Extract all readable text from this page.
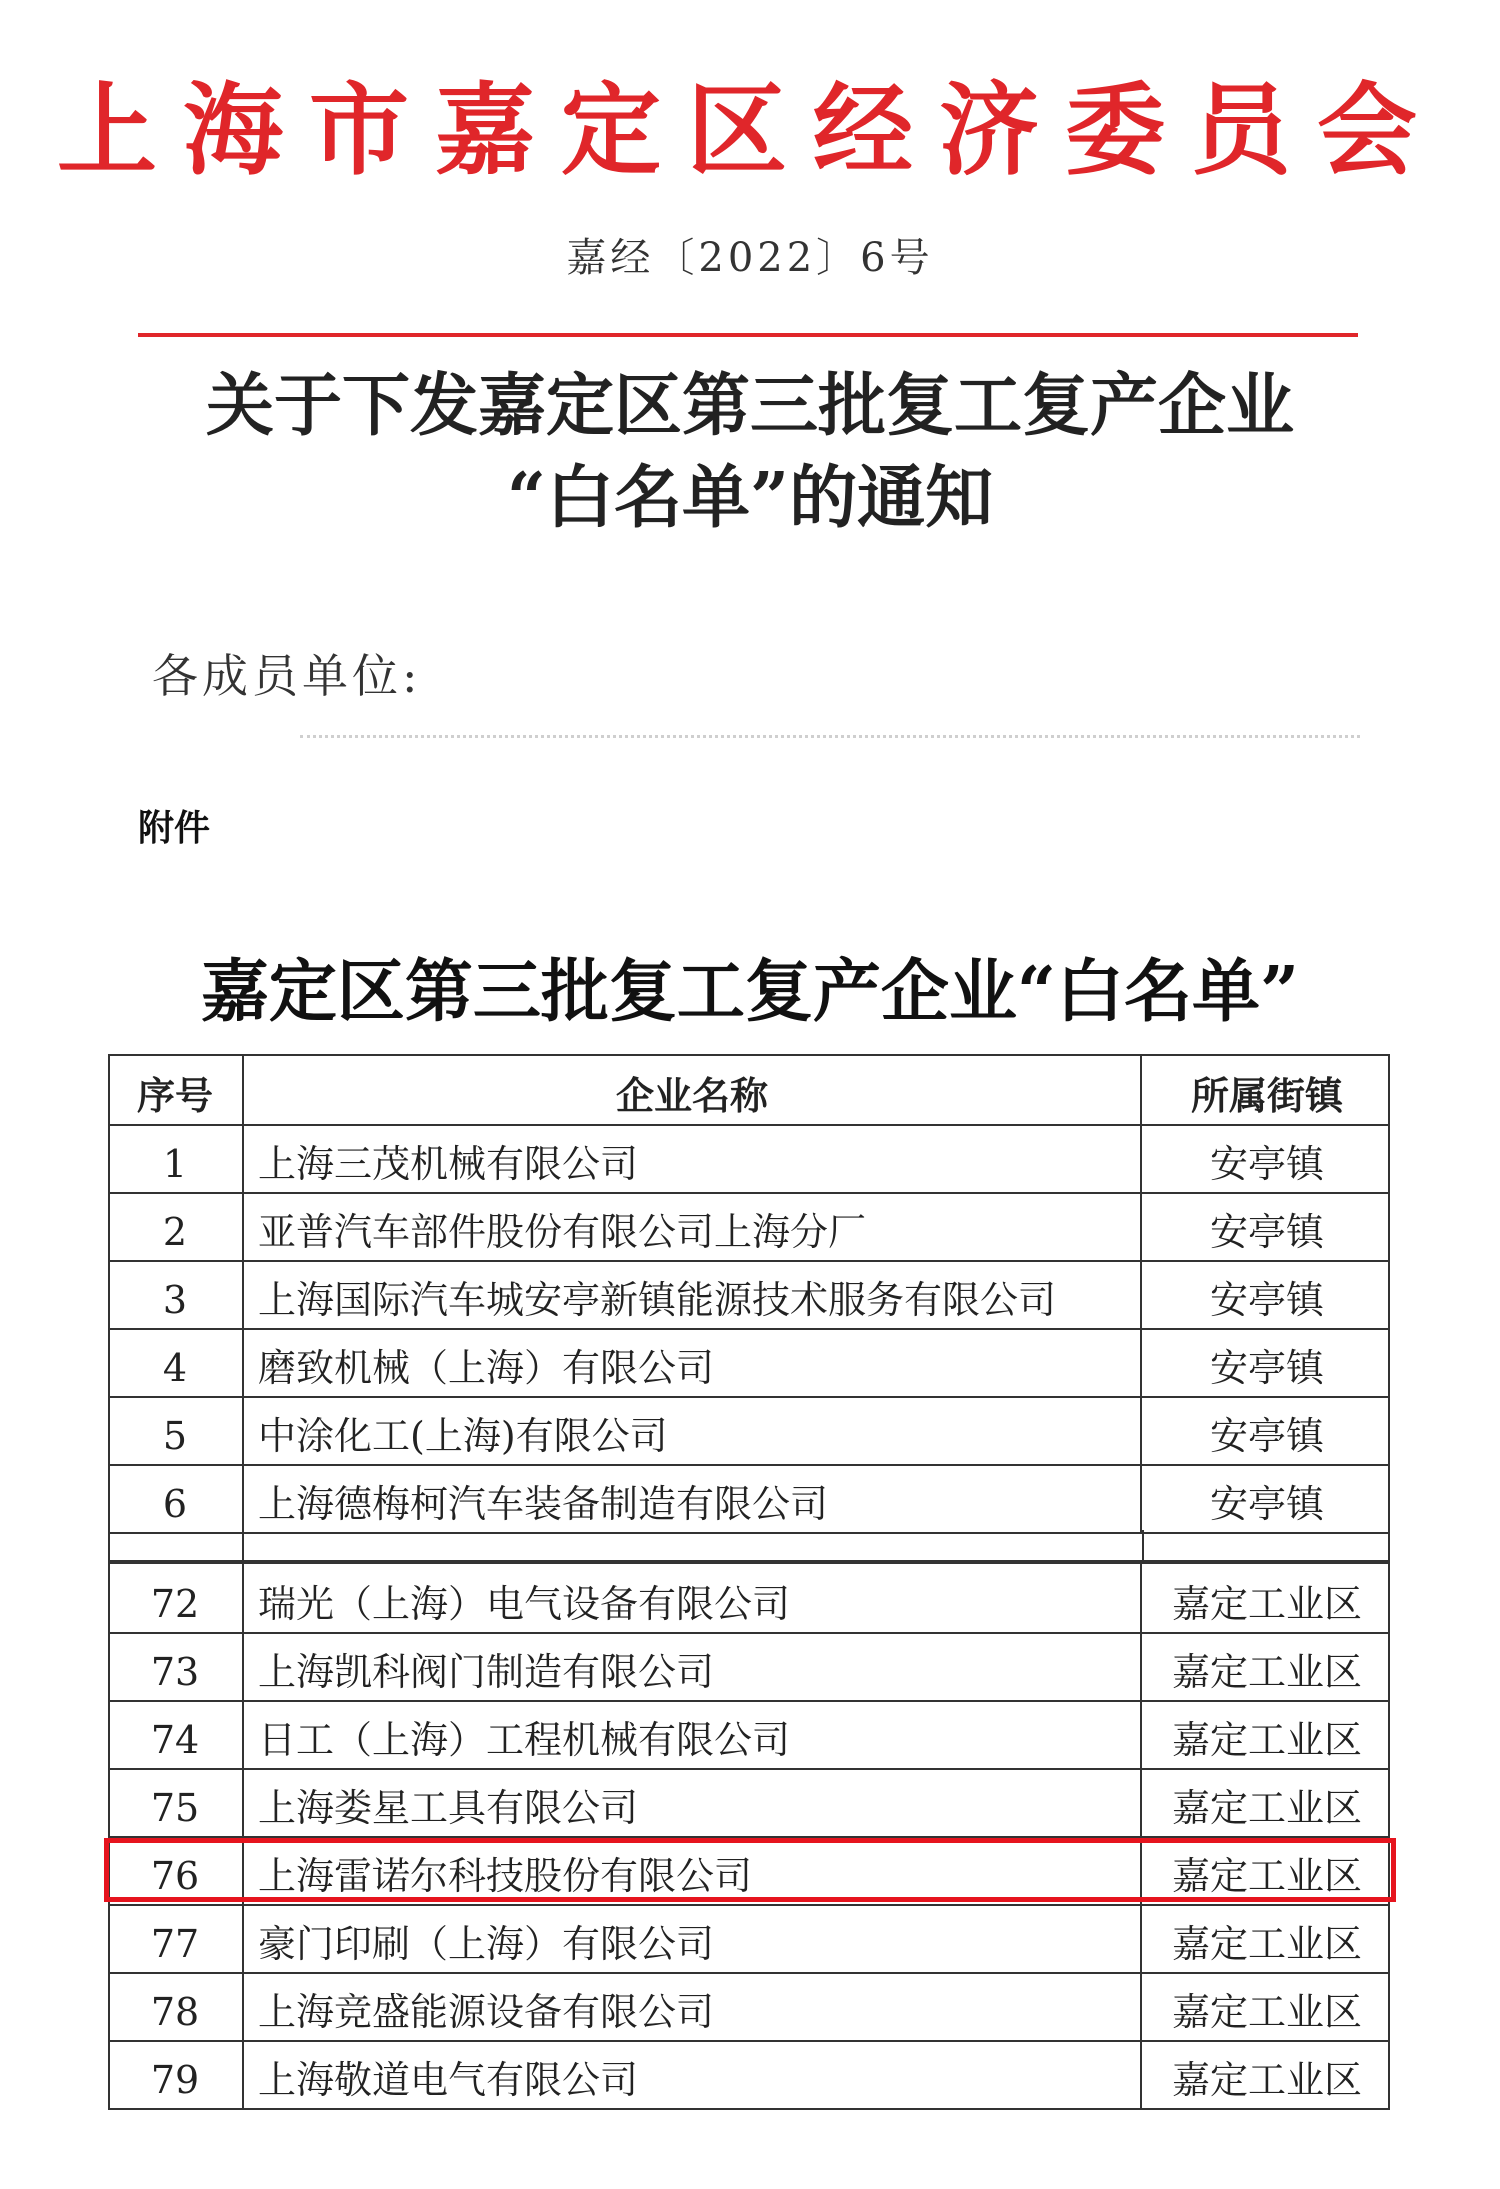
上海市嘉定区经济委员会
嘉经〔2022〕6号
关于下发嘉定区第三批复工复产企业
“白名单”的通知
各成员单位:
附件
嘉定区第三批复工复产企业“白名单”
序号	企业名称	所属街镇
1	上海三茂机械有限公司	安亭镇
2	亚普汽车部件股份有限公司上海分厂	安亭镇
3	上海国际汽车城安亭新镇能源技术服务有限公司	安亭镇
4	磨致机械（上海）有限公司	安亭镇
5	中涂化工(上海)有限公司	安亭镇
6	上海德梅柯汽车装备制造有限公司	安亭镇
72	瑞光（上海）电气设备有限公司	嘉定工业区
73	上海凯科阀门制造有限公司	嘉定工业区
74	日工（上海）工程机械有限公司	嘉定工业区
75	上海娄星工具有限公司	嘉定工业区
76	上海雷诺尔科技股份有限公司	嘉定工业区
77	豪门印刷（上海）有限公司	嘉定工业区
78	上海竞盛能源设备有限公司	嘉定工业区
79	上海敬道电气有限公司	嘉定工业区
